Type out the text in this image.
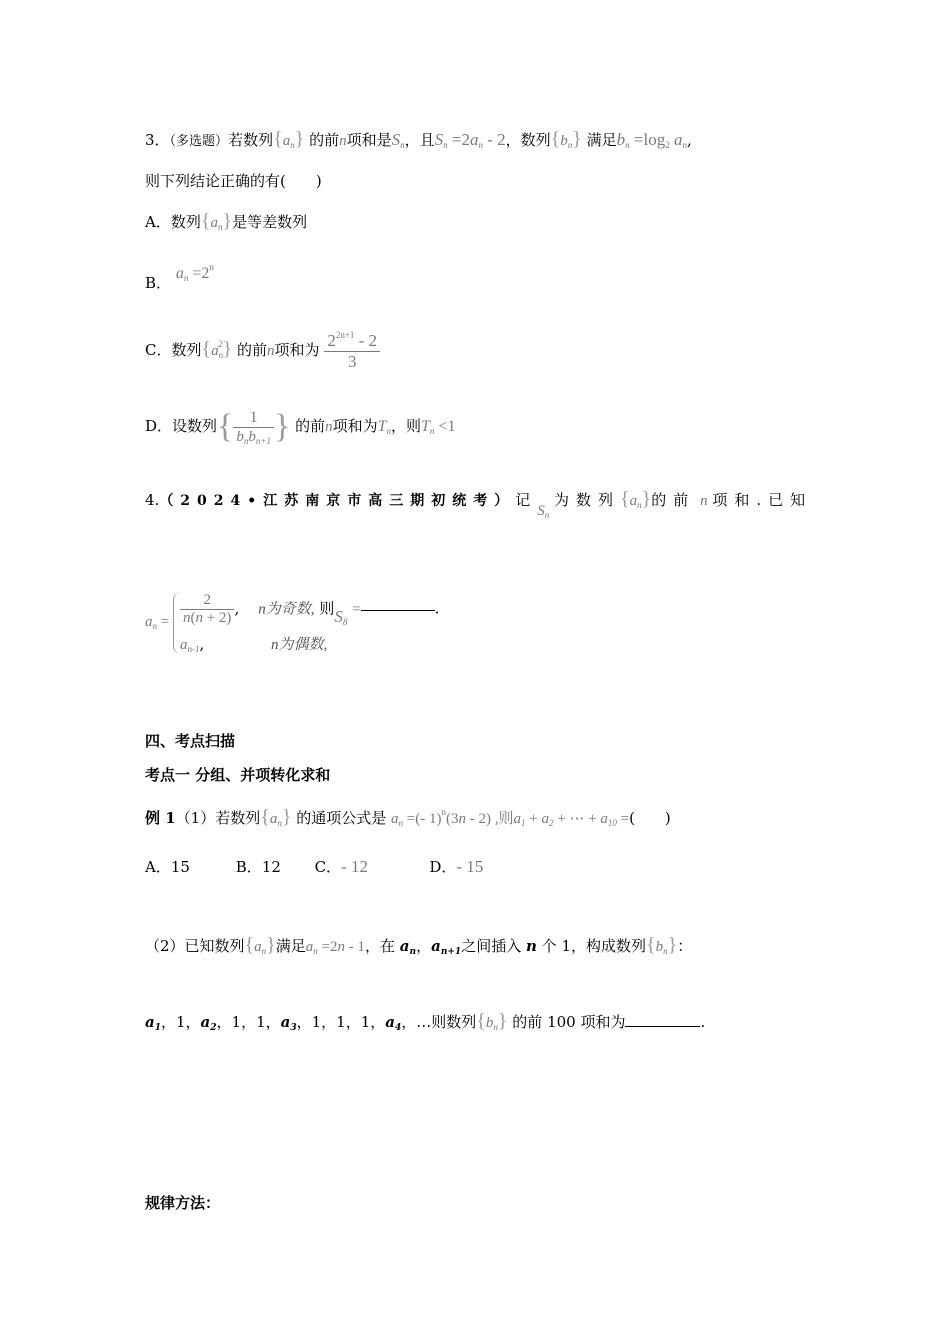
3．（多选题）若数列$\{a_n\}$ 的前n项和是$S_n$，且$S_n =2a_n - 2$，数列$\{b_n\}$ 满足$b_n =\log_2$ $a_n$,
则下列结论正确的有(　　)
A．数列$\{a_n\}$是等差数列
B． $a_n =2^n$
C．数列$\{a_n^2\}$ 的前n项和为 $\frac{2^{2n+1} - 2}{3}$
D．设数列{ $\frac{1}{b_nb_{n+1}}$ } 的前n项和为$T_n$，则$T_n <1$
4.（2024•江苏南京市高三期初统考）记$S_n$ 为数列$\{a_n\}$的前 n 项和.已知
$a_n = \frac{2}{n(n + 2)}$ ,    n为奇数, 则$S_8$ =	.
$a_{n-1}$,              n为偶数,
四、考点扫描
考点一 分组、并项转化求和
例 1（1）若数列$\{a_n\}$ 的通项公式是 $a_n$ =(- 1)$^n$(3n - 2) ,则$a_1 + a_2$ + ⋯ + $a_{10}$ =(　　)
A．15	B．12 C．- 12	D．- 15
（2）已知数列$\{a_n\}$满足$a_n =2n - 1$，在 $a_n$，$a_{n+1}$之间插入 n 个 1，构成数列$\{b_n\}$：
$a_1$，1，$a_2$，1，1，$a_3$，1，1，1，$a_4$，…则数列$\{b_n\}$ 的前 100 项和为	.
规律方法：
